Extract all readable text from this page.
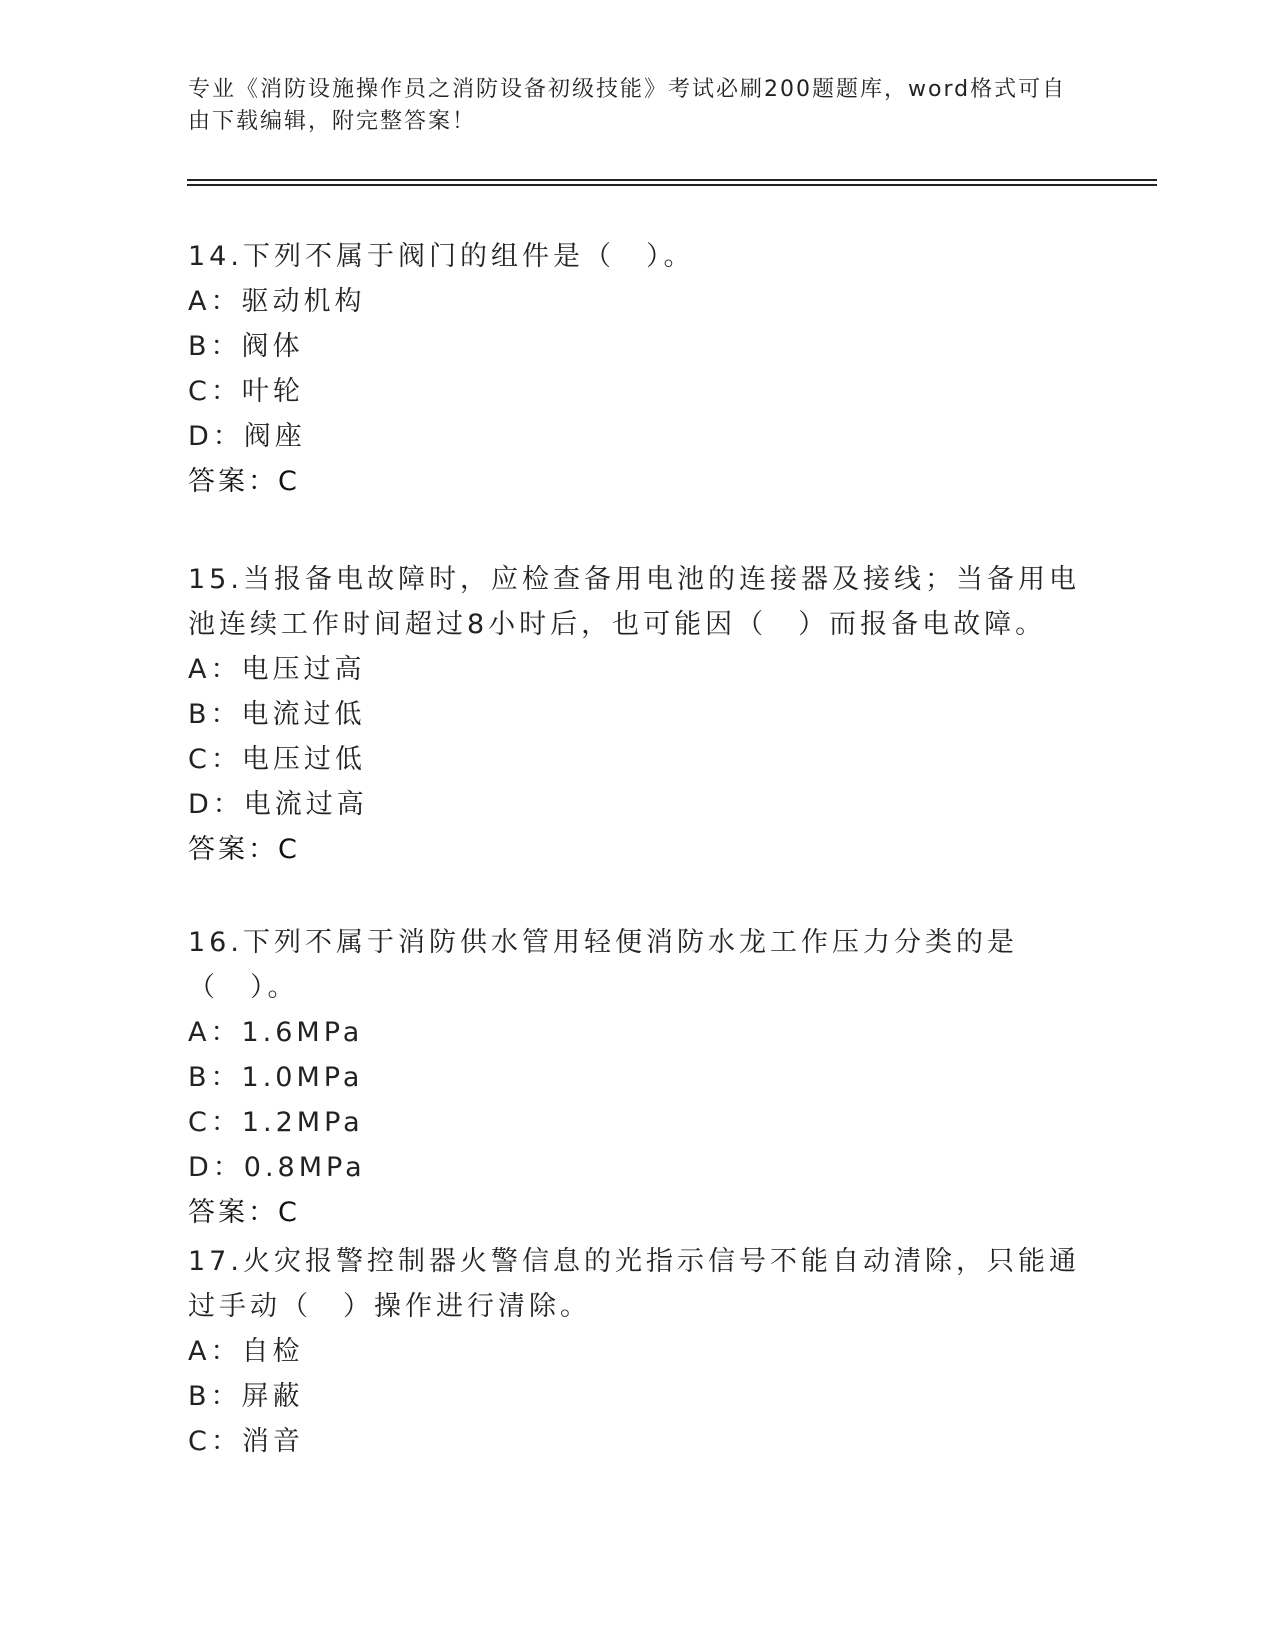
专业《消防设施操作员之消防设备初级技能》考试必刷200题题库，word格式可自由下载编辑，附完整答案！

14.下列不属于阀门的组件是（　）。

A：驱动机构
B：阀体
C：叶轮
D：阀座
答案：C

15.当报备电故障时，应检查备用电池的连接器及接线；当备用电池连续工作时间超过8小时后，也可能因（　）而报备电故障。

A：电压过高
B：电流过低
C：电压过低
D：电流过高
答案：C

16.下列不属于消防供水管用轻便消防水龙工作压力分类的是（　）。

A：1.6MPa
B：1.0MPa
C：1.2MPa
D：0.8MPa
答案：C

17.火灾报警控制器火警信息的光指示信号不能自动清除，只能通过手动（　）操作进行清除。

A：自检
B：屏蔽
C：消音
